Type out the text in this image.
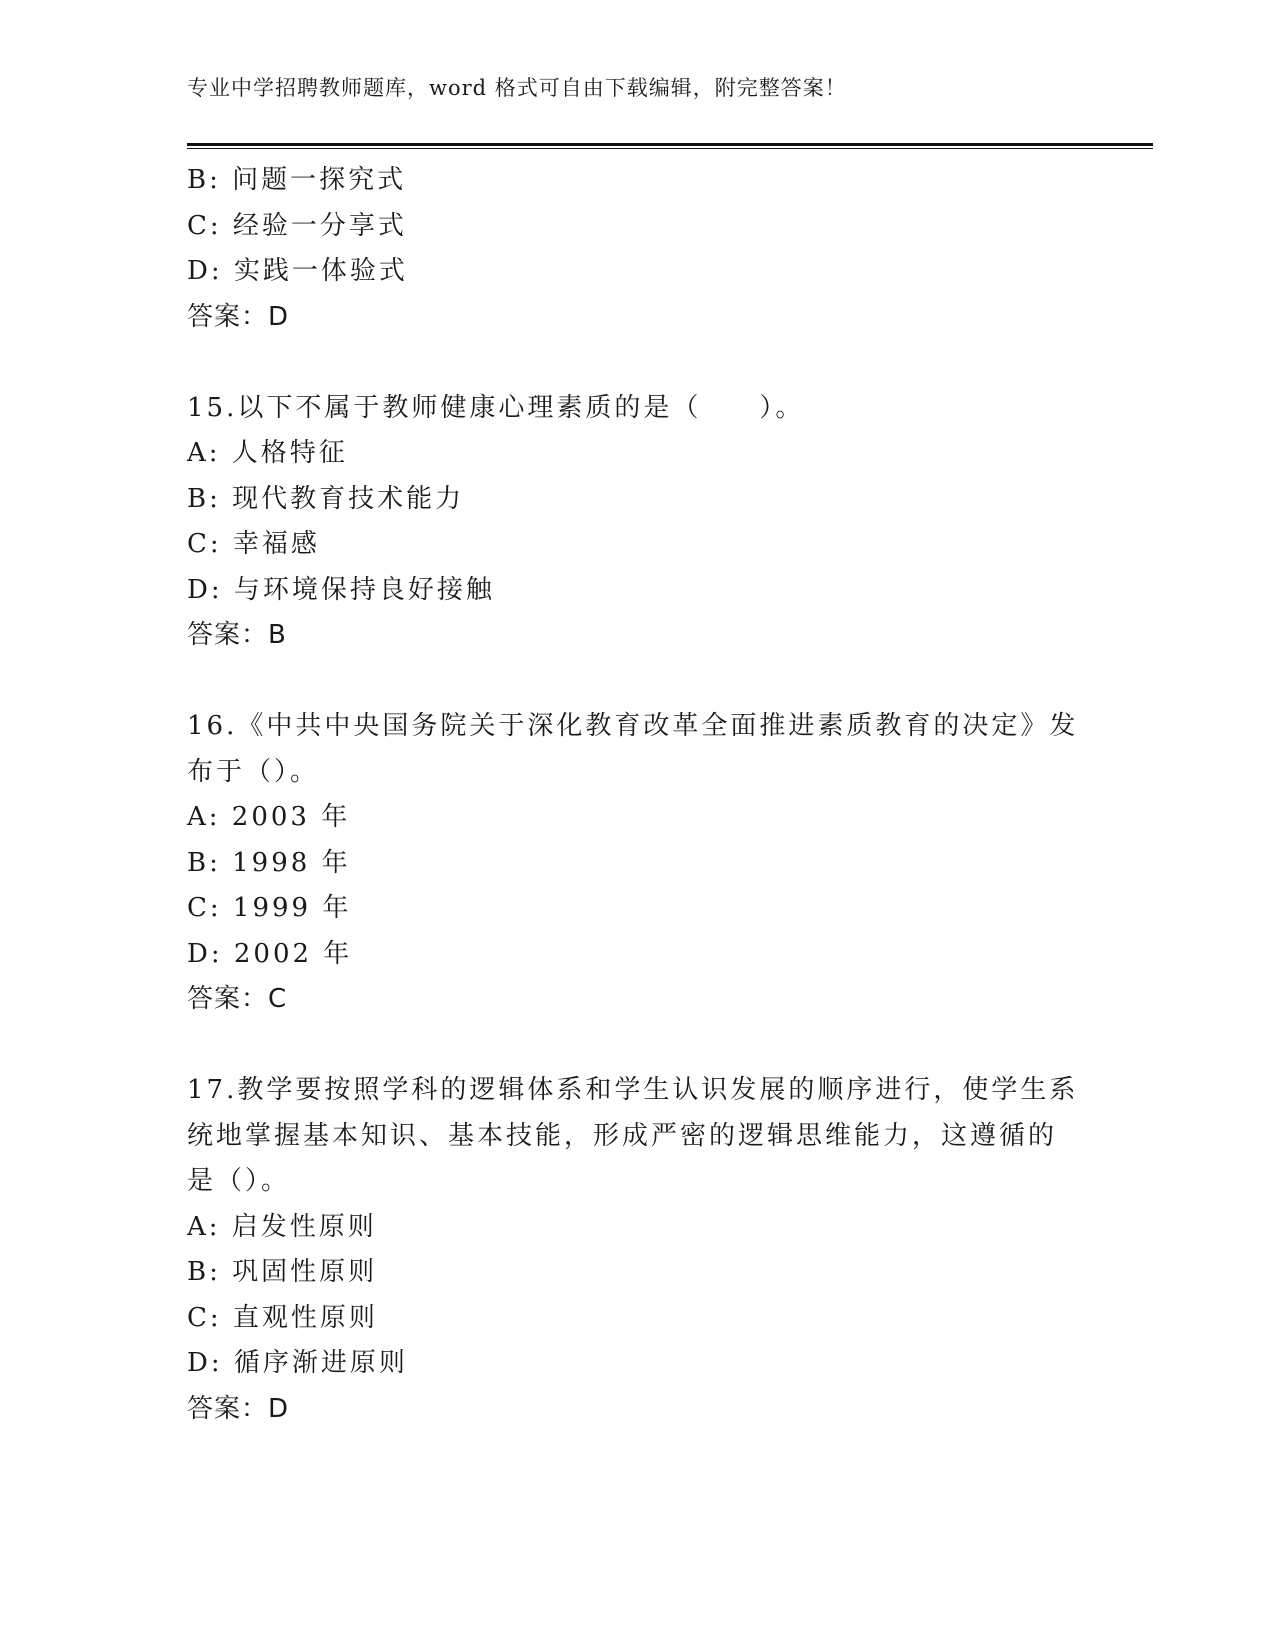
专业中学招聘教师题库，word 格式可自由下载编辑，附完整答案！
B: 问题一探究式
C: 经验一分享式
D: 实践一体验式
答案：D
15.以下不属于教师健康心理素质的是（　　）。
A: 人格特征
B: 现代教育技术能力
C: 幸福感
D: 与环境保持良好接触
答案：B
16.《中共中央国务院关于深化教育改革全面推进素质教育的决定》发
布于（）。
A: 2003 年
B: 1998 年
C: 1999 年
D: 2002 年
答案：C
17.教学要按照学科的逻辑体系和学生认识发展的顺序进行，使学生系
统地掌握基本知识、基本技能，形成严密的逻辑思维能力，这遵循的
是（）。
A: 启发性原则
B: 巩固性原则
C: 直观性原则
D: 循序渐进原则
答案：D
